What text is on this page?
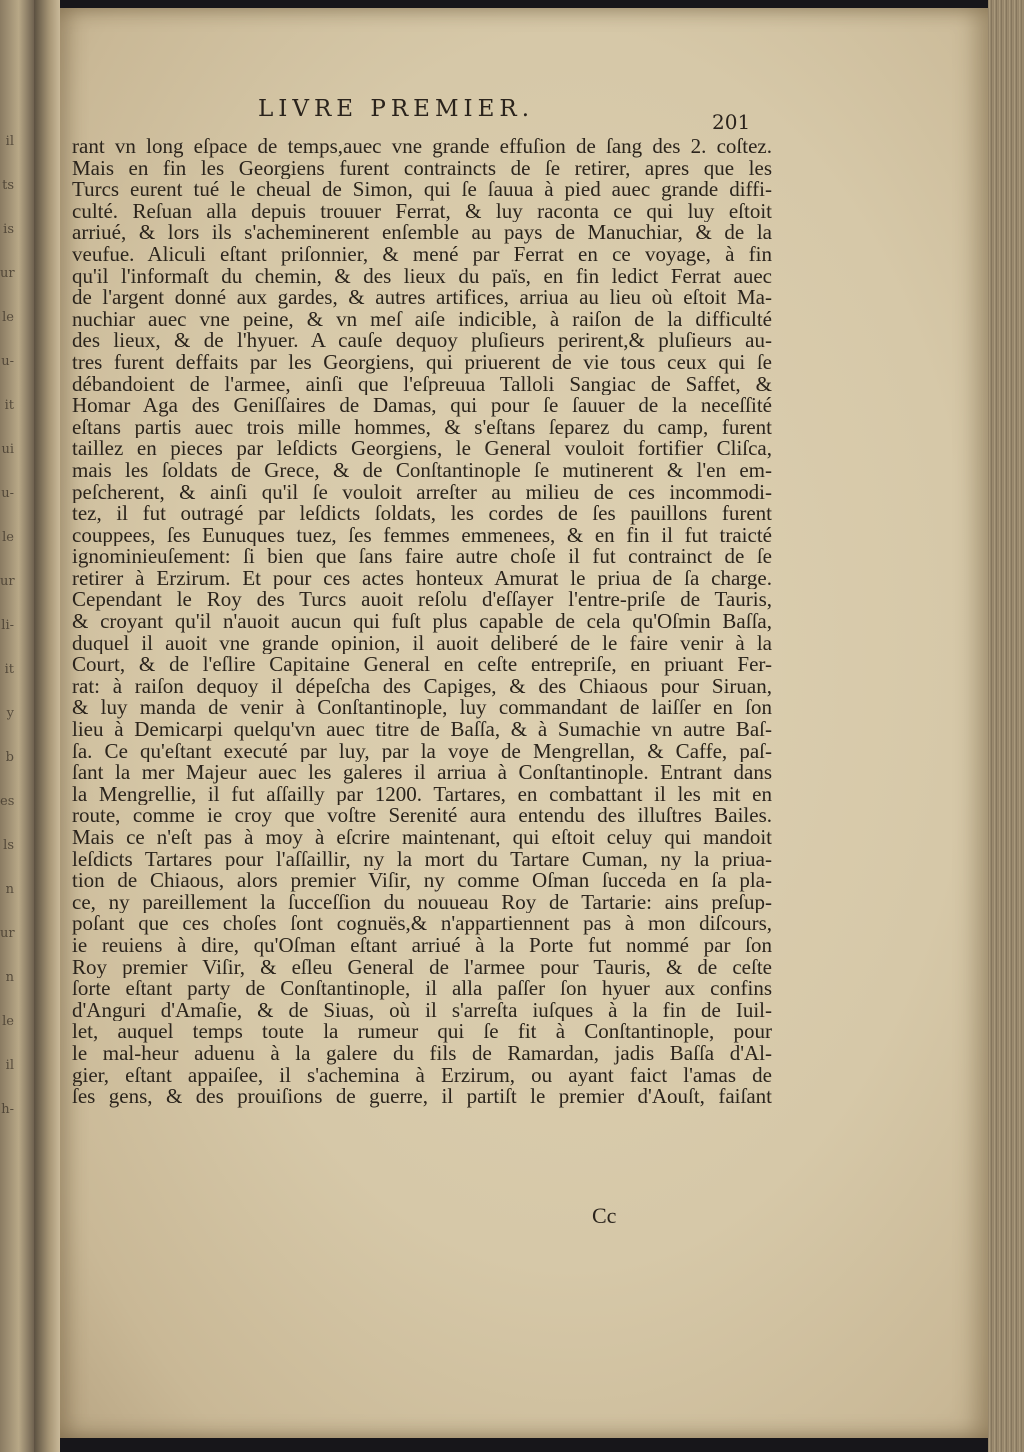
il
ts
is
ur
le
u-
it
ui
u-
le
ur
li-
it
y
b
es
ls
n
ur
n
le
il
h-
LIVRE PREMIER.	201
rant vn long eſpace de temps,auec vne grande effuſion de ſang des 2. coſtez.
Mais en fin les Georgiens furent contraincts de ſe retirer, apres que les
Turcs eurent tué le cheual de Simon, qui ſe ſauua à pied auec grande diffi-
culté. Reſuan alla depuis trouuer Ferrat, & luy raconta ce qui luy eſtoit
arriué, & lors ils s'acheminerent enſemble au pays de Manuchiar, & de la
veufue. Aliculi eſtant priſonnier, & mené par Ferrat en ce voyage, à fin
qu'il l'informaſt du chemin, & des lieux du païs, en fin ledict Ferrat auec
de l'argent donné aux gardes, & autres artifices, arriua au lieu où eſtoit Ma-
nuchiar auec vne peine, & vn meſ aiſe indicible, à raiſon de la difficulté
des lieux, & de l'hyuer. A cauſe dequoy pluſieurs perirent,& pluſieurs au-
tres furent deffaits par les Georgiens, qui priuerent de vie tous ceux qui ſe
débandoient de l'armee, ainſi que l'eſpreuua Talloli Sangiac de Saffet, &
Homar Aga des Geniſſaires de Damas, qui pour ſe ſauuer de la neceſſité
eſtans partis auec trois mille hommes, & s'eſtans ſeparez du camp, furent
taillez en pieces par leſdicts Georgiens, le General vouloit fortifier Cliſca,
mais les ſoldats de Grece, & de Conſtantinople ſe mutinerent & l'en em-
peſcherent, & ainſi qu'il ſe vouloit arreſter au milieu de ces incommodi-
tez, il fut outragé par leſdicts ſoldats, les cordes de ſes pauillons furent
couppees, ſes Eunuques tuez, ſes femmes emmenees, & en fin il fut traicté
ignominieuſement: ſi bien que ſans faire autre choſe il fut contrainct de ſe
retirer à Erzirum. Et pour ces actes honteux Amurat le priua de ſa charge.
Cependant le Roy des Turcs auoit reſolu d'eſſayer l'entre-priſe de Tauris,
& croyant qu'il n'auoit aucun qui fuſt plus capable de cela qu'Oſmin Baſſa,
duquel il auoit vne grande opinion, il auoit deliberé de le faire venir à la
Court, & de l'eſlire Capitaine General en ceſte entrepriſe, en priuant Fer-
rat: à raiſon dequoy il dépeſcha des Capiges, & des Chiaous pour Siruan,
& luy manda de venir à Conſtantinople, luy commandant de laiſſer en ſon
lieu à Demicarpi quelqu'vn auec titre de Baſſa, & à Sumachie vn autre Baſ-
ſa. Ce qu'eſtant executé par luy, par la voye de Mengrellan, & Caffe, paſ-
ſant la mer Majeur auec les galeres il arriua à Conſtantinople. Entrant dans
la Mengrellie, il fut aſſailly par 1200. Tartares, en combattant il les mit en
route, comme ie croy que voſtre Serenité aura entendu des illuſtres Bailes.
Mais ce n'eſt pas à moy à eſcrire maintenant, qui eſtoit celuy qui mandoit
leſdicts Tartares pour l'aſſaillir, ny la mort du Tartare Cuman, ny la priua-
tion de Chiaous, alors premier Viſir, ny comme Oſman ſucceda en ſa pla-
ce, ny pareillement la ſucceſſion du nouueau Roy de Tartarie: ains preſup-
poſant que ces choſes ſont cognuës,& n'appartiennent pas à mon diſcours,
ie reuiens à dire, qu'Oſman eſtant arriué à la Porte fut nommé par ſon
Roy premier Viſir, & eſleu General de l'armee pour Tauris, & de ceſte
ſorte eſtant party de Conſtantinople, il alla paſſer ſon hyuer aux confins
d'Anguri d'Amaſie, & de Siuas, où il s'arreſta iuſques à la fin de Iuil-
let, auquel temps toute la rumeur qui ſe fit à Conſtantinople, pour
le mal-heur aduenu à la galere du fils de Ramardan, jadis Baſſa d'Al-
gier, eſtant appaiſee, il s'achemina à Erzirum, ou ayant faict l'amas de
ſes gens, & des prouiſions de guerre, il partiſt le premier d'Aouſt, faiſant
Cc
